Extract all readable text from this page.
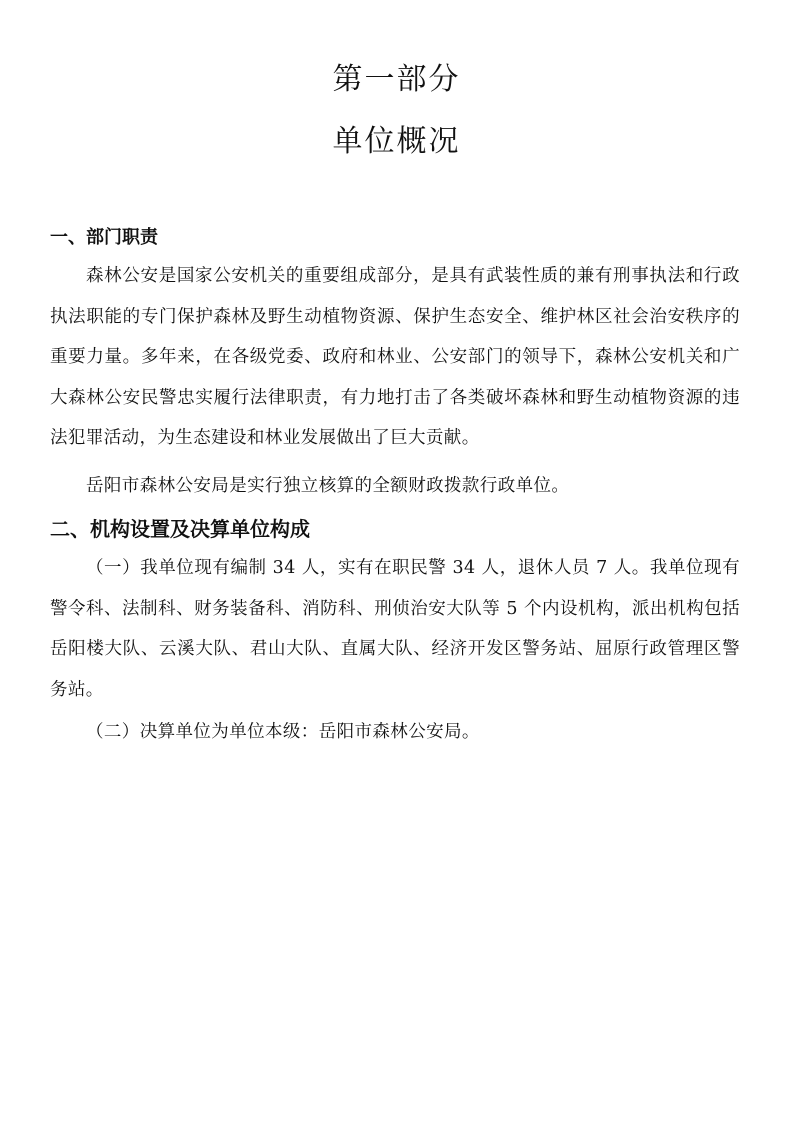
第一部分
单位概况
一、部门职责

森林公安是国家公安机关的重要组成部分，是具有武装性质的兼有刑事执法和行政执法职能的专门保护森林及野生动植物资源、保护生态安全、维护林区社会治安秩序的重要力量。多年来，在各级党委、政府和林业、公安部门的领导下，森林公安机关和广大森林公安民警忠实履行法律职责，有力地打击了各类破坏森林和野生动植物资源的违法犯罪活动，为生态建设和林业发展做出了巨大贡献。

岳阳市森林公安局是实行独立核算的全额财政拨款行政单位。

二、机构设置及决算单位构成

（一）我单位现有编制 34 人，实有在职民警 34 人，退休人员 7 人。我单位现有警令科、法制科、财务装备科、消防科、刑侦治安大队等 5 个内设机构，派出机构包括岳阳楼大队、云溪大队、君山大队、直属大队、经济开发区警务站、屈原行政管理区警务站。

（二）决算单位为单位本级：岳阳市森林公安局。
